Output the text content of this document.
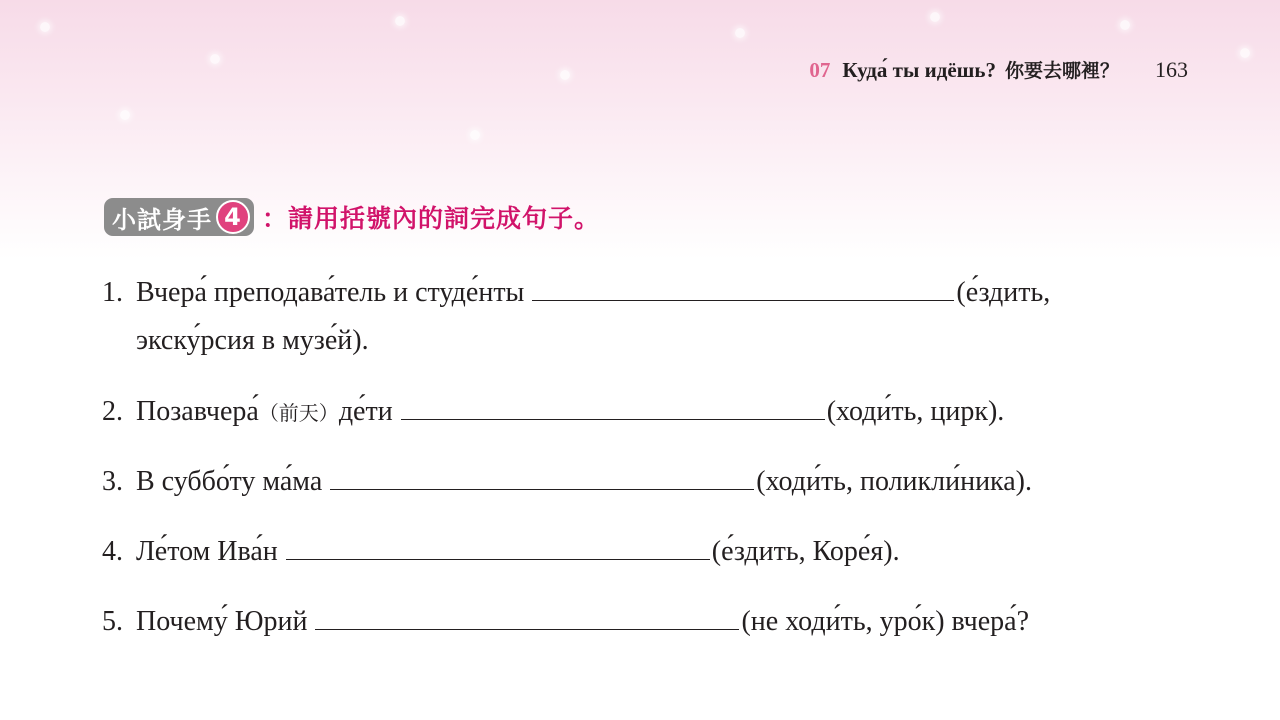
07 Куда́ ты идёшь? 你要去哪裡？ 163
小試身手 4 ：請用括號內的詞完成句子。
1. Вчера́ преподава́тель и студе́нты	(е́здить,
экску́рсия в музе́й).
2. Позавчера́（前天）де́ти	(ходи́ть, цирк).
3. В суббо́ту ма́ма	(ходи́ть, поликли́ника).
4. Ле́том Ива́н	(е́здить, Коре́я).
5. Почему́ Юрий	(не ходи́ть, уро́к) вчера́?
